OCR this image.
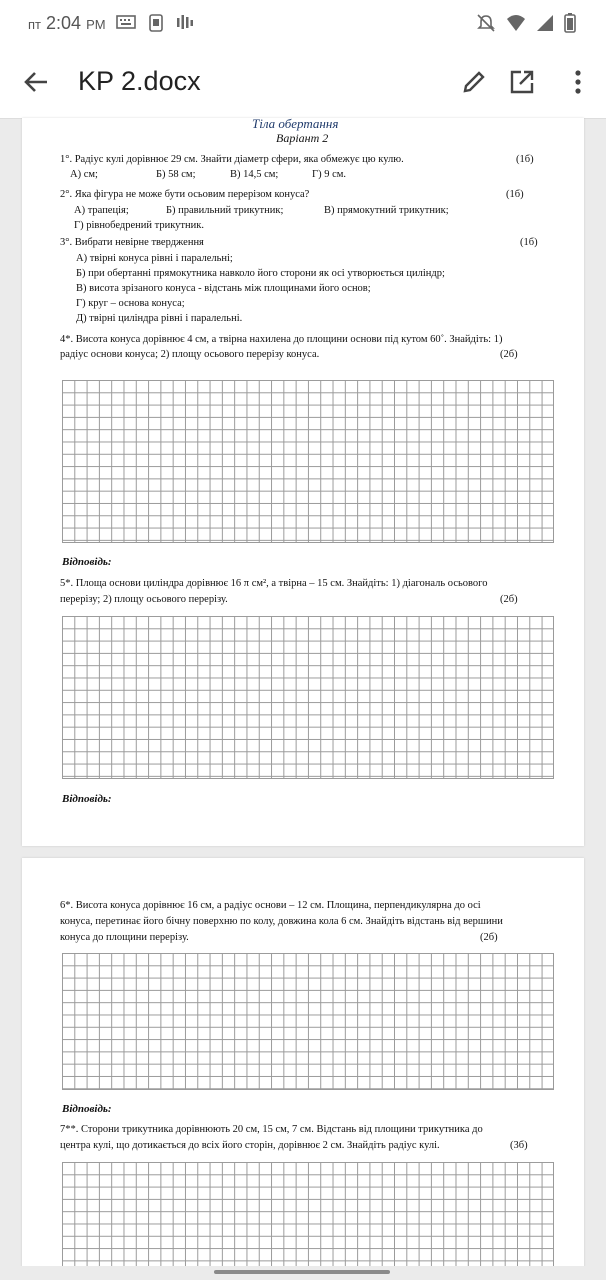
пт 2:04 PM
KP 2.docx
Тіла обертання
Варіант 2
1°. Радіус кулі дорівнює 29 см. Знайти діаметр сфери, яка обмежує цю кулю.	(1б)
А) см;	Б) 58 см;	В) 14,5 см;	Г) 9 см.
2°. Яка фігура не може бути осьовим перерізом конуса?	(1б)
А) трапеція;	Б) правильний трикутник;	В) прямокутний трикутник;
Г) рівнобедрений трикутник.
3°. Вибрати невірне твердження	(1б)
А) твірні конуса рівні і паралельні;
Б) при обертанні прямокутника навколо його сторони як осі утворюється циліндр;
В) висота зрізаного конуса - відстань між площинами його основ;
Г) круг – основа конуса;
Д) твірні циліндра рівні і паралельні.
4*. Висота конуса дорівнює 4 см, а твірна нахилена до площини основи під кутом 60˚. Знайдіть: 1)
радіус основи конуса; 2) площу осьового перерізу конуса.	(2б)
Відповідь:
5*. Площа основи циліндра дорівнює 16 π см², а твірна – 15 см. Знайдіть: 1) діагональ осьового
перерізу; 2) площу осьового перерізу.	(2б)
Відповідь:
6*. Висота конуса дорівнює 16 см, а радіус основи – 12 см. Площина, перпендикулярна до осі
конуса, перетинає його бічну поверхню по колу, довжина кола 6 см. Знайдіть відстань від вершини
конуса до площини перерізу.	(2б)
Відповідь:
7**. Сторони трикутника дорівнюють 20 см, 15 см, 7 см. Відстань від площини трикутника до
центра кулі, що дотикається до всіх його сторін, дорівнює 2 см. Знайдіть радіус кулі.	(3б)
